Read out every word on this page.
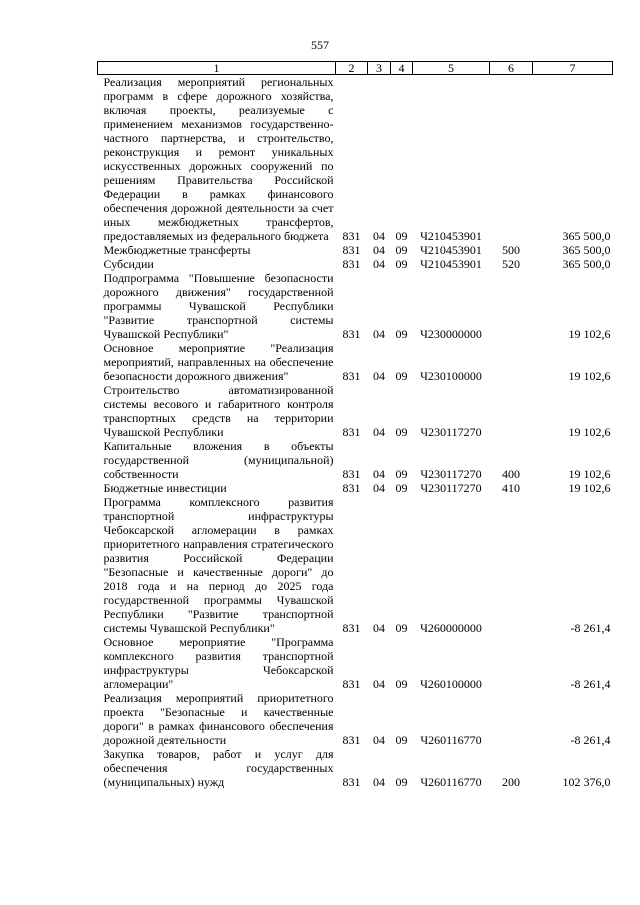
557
1	2	3	4	5	6	7
Реализация мероприятий региональных программ в сфере дорожного хозяйства, включая проекты, реализуемые с применением механизмов государственно-частного партнерства, и строительство, реконструкция и ремонт уникальных искусственных дорожных сооружений по решениям Правительства Российской Федерации в рамках финансового обеспечения дорожной деятельности за счет иных межбюджетных трансфертов, предоставляемых из федерального бюджета	831	04	09	Ч210453901		365 500,0
Межбюджетные трансферты	831	04	09	Ч210453901	500	365 500,0
Субсидии	831	04	09	Ч210453901	520	365 500,0
Подпрограмма "Повышение безопасности дорожного движения" государственной программы Чувашской Республики "Развитие транспортной системы Чувашской Республики"	831	04	09	Ч230000000		19 102,6
Основное мероприятие "Реализация мероприятий, направленных на обеспечение безопасности дорожного движения"	831	04	09	Ч230100000		19 102,6
Строительство автоматизированной системы весового и габаритного контроля транспортных средств на территории Чувашской Республики	831	04	09	Ч230117270		19 102,6
Капитальные вложения в объекты государственной (муниципальной) собственности	831	04	09	Ч230117270	400	19 102,6
Бюджетные инвестиции	831	04	09	Ч230117270	410	19 102,6
Программа комплексного развития транспортной инфраструктуры Чебоксарской агломерации в рамках приоритетного направления стратегического развития Российской Федерации "Безопасные и качественные дороги" до 2018 года и на период до 2025 года государственной программы Чувашской Республики "Развитие транспортной системы Чувашской Республики"	831	04	09	Ч260000000		-8 261,4
Основное мероприятие "Программа комплексного развития транспортной инфраструктуры Чебоксарской агломерации"	831	04	09	Ч260100000		-8 261,4
Реализация мероприятий приоритетного проекта "Безопасные и качественные дороги" в рамках финансового обеспечения дорожной деятельности	831	04	09	Ч260116770		-8 261,4
Закупка товаров, работ и услуг для обеспечения государственных (муниципальных) нужд	831	04	09	Ч260116770	200	102 376,0
